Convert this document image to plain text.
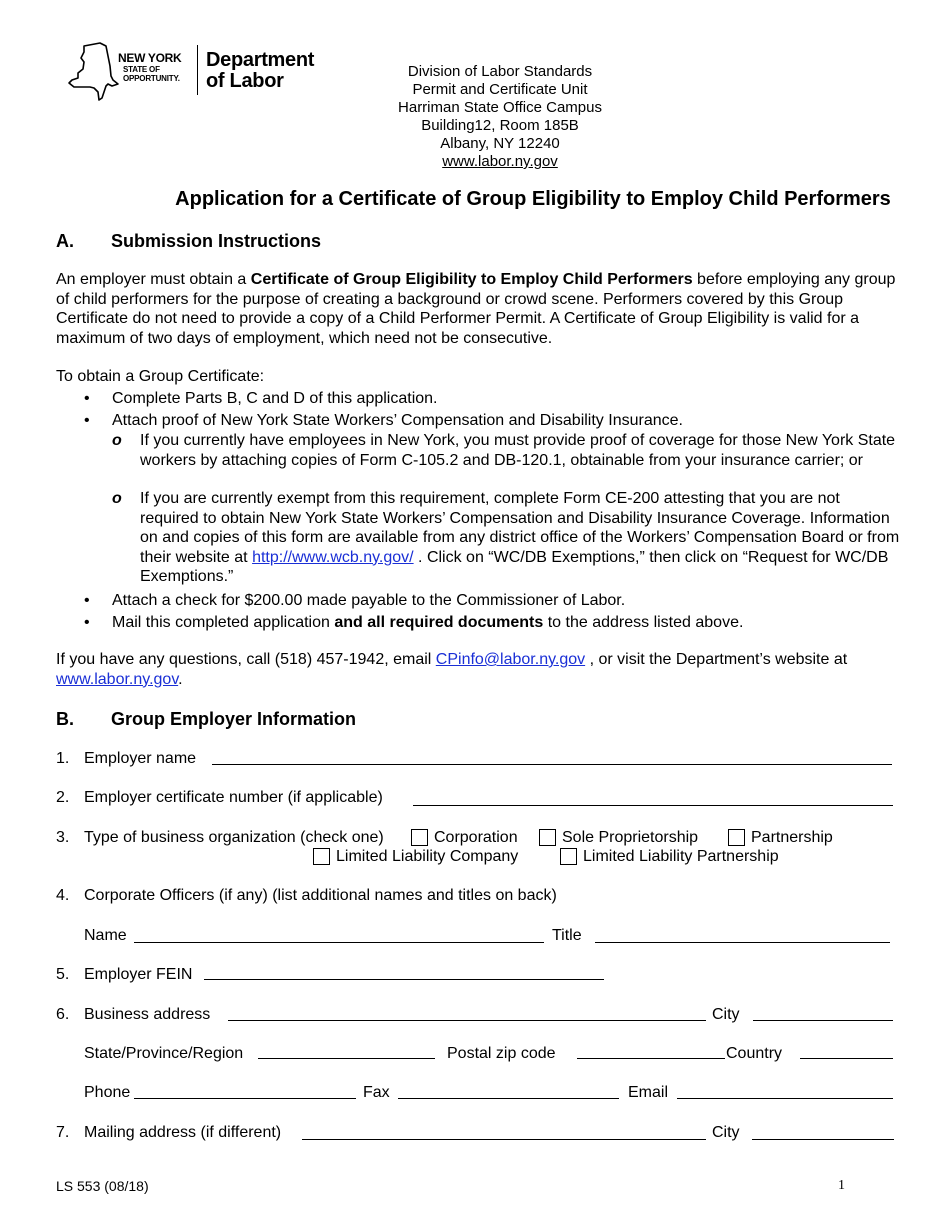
NEW YORK
STATE OF
OPPORTUNITY.
Department
of Labor	Division of Labor Standards
Permit and Certificate Unit
Harriman State Office Campus
Building12, Room 185B
Albany, NY 12240
www.labor.ny.gov
Application for a Certificate of Group Eligibility to Employ Child Performers
A. Submission Instructions
An employer must obtain a Certificate of Group Eligibility to Employ Child Performers before employing any group of child performers for the purpose of creating a background or crowd scene. Performers covered by this Group Certificate do not need to provide a copy of a Child Performer Permit. A Certificate of Group Eligibility is valid for a maximum of two days of employment, which need not be consecutive.
To obtain a Group Certificate:
• Complete Parts B, C and D of this application.
• Attach proof of New York State Workers’ Compensation and Disability Insurance.
o If you currently have employees in New York, you must provide proof of coverage for those New York State workers by attaching copies of Form C-105.2 and DB-120.1, obtainable from your insurance carrier; or
o If you are currently exempt from this requirement, complete Form CE-200 attesting that you are not required to obtain New York State Workers’ Compensation and Disability Insurance Coverage. Information on and copies of this form are available from any district office of the Workers’ Compensation Board or from their website at http://www.wcb.ny.gov/ . Click on “WC/DB Exemptions,” then click on “Request for WC/DB Exemptions.”
• Attach a check for $200.00 made payable to the Commissioner of Labor.
• Mail this completed application and all required documents to the address listed above.
If you have any questions, call (518) 457-1942, email CPinfo@labor.ny.gov , or visit the Department’s website at www.labor.ny.gov.
B. Group Employer Information
1. Employer name
2. Employer certificate number (if applicable)
3. Type of business organization (check one)	Corporation	Sole Proprietorship	Partnership
Limited Liability Company	Limited Liability Partnership
4. Corporate Officers (if any) (list additional names and titles on back)
Name	Title
5. Employer FEIN
6. Business address	City
State/Province/Region	Postal zip code	Country
Phone	Fax	Email
7. Mailing address (if different)	City
LS 553 (08/18)	1
